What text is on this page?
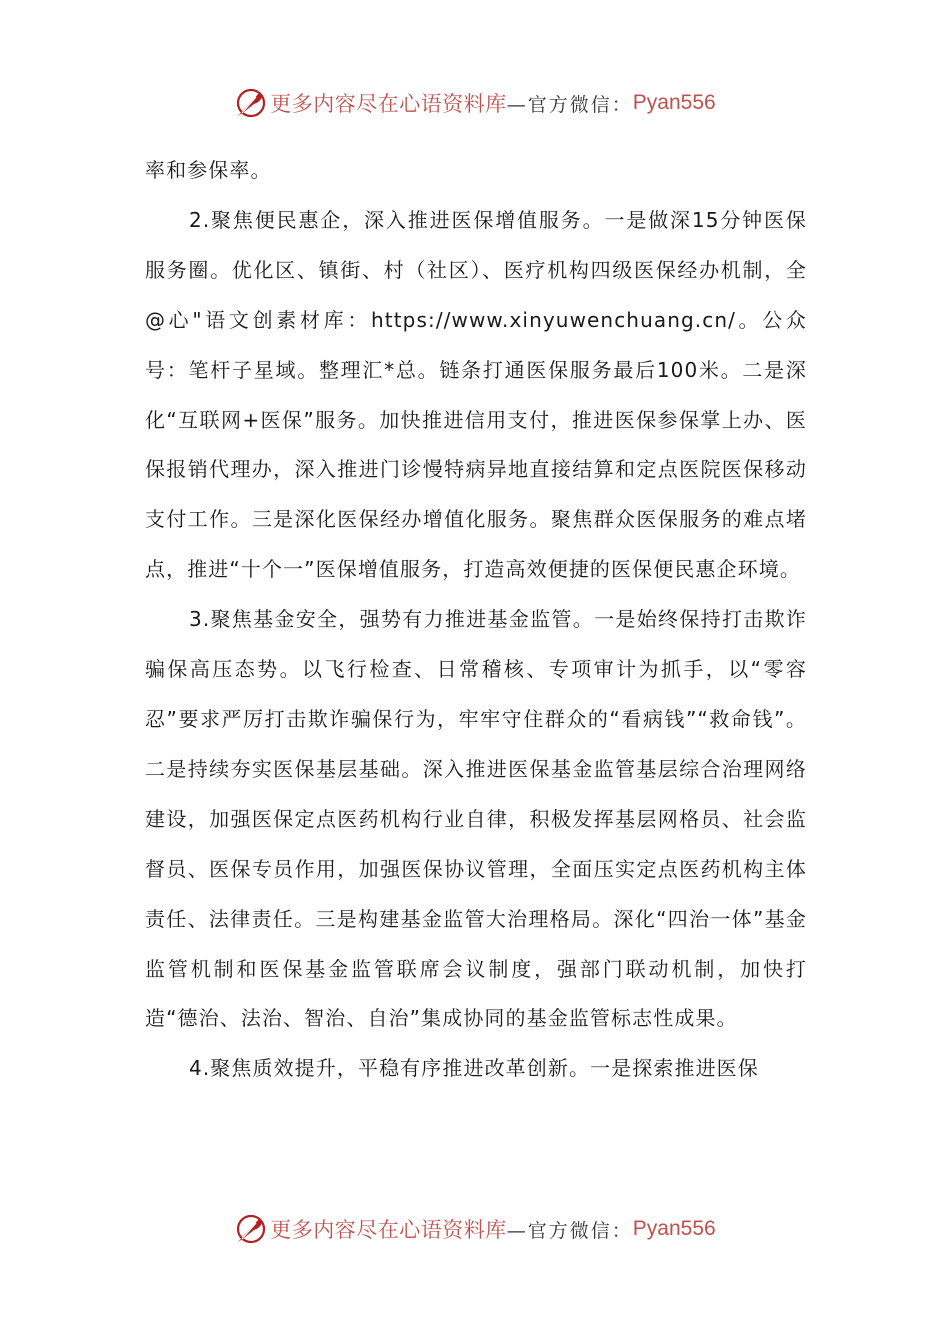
更多内容尽在心语资料库 —官方微信： Pyan556

率和参保率。

2.聚焦便民惠企，深入推进医保增值服务。一是做深15分钟医保服务圈。优化区、镇街、村（社区）、医疗机构四级医保经办机制，全@心"语文创素材库：https://www.xinyuwenchuang.cn/。公众号：笔杆子星域。整理汇*总。链条打通医保服务最后100米。二是深化“互联网+医保”服务。加快推进信用支付，推进医保参保掌上办、医保报销代理办，深入推进门诊慢特病异地直接结算和定点医院医保移动支付工作。三是深化医保经办增值化服务。聚焦群众医保服务的难点堵点，推进“十个一”医保增值服务，打造高效便捷的医保便民惠企环境。

3.聚焦基金安全，强势有力推进基金监管。一是始终保持打击欺诈骗保高压态势。以飞行检查、日常稽核、专项审计为抓手，以“零容忍”要求严厉打击欺诈骗保行为，牢牢守住群众的“看病钱”“救命钱”。二是持续夯实医保基层基础。深入推进医保基金监管基层综合治理网络建设，加强医保定点医药机构行业自律，积极发挥基层网格员、社会监督员、医保专员作用，加强医保协议管理，全面压实定点医药机构主体责任、法律责任。三是构建基金监管大治理格局。深化“四治一体”基金监管机制和医保基金监管联席会议制度，强部门联动机制，加快打造“德治、法治、智治、自治”集成协同的基金监管标志性成果。

4.聚焦质效提升，平稳有序推进改革创新。一是探索推进医保

更多内容尽在心语资料库 —官方微信： Pyan556
